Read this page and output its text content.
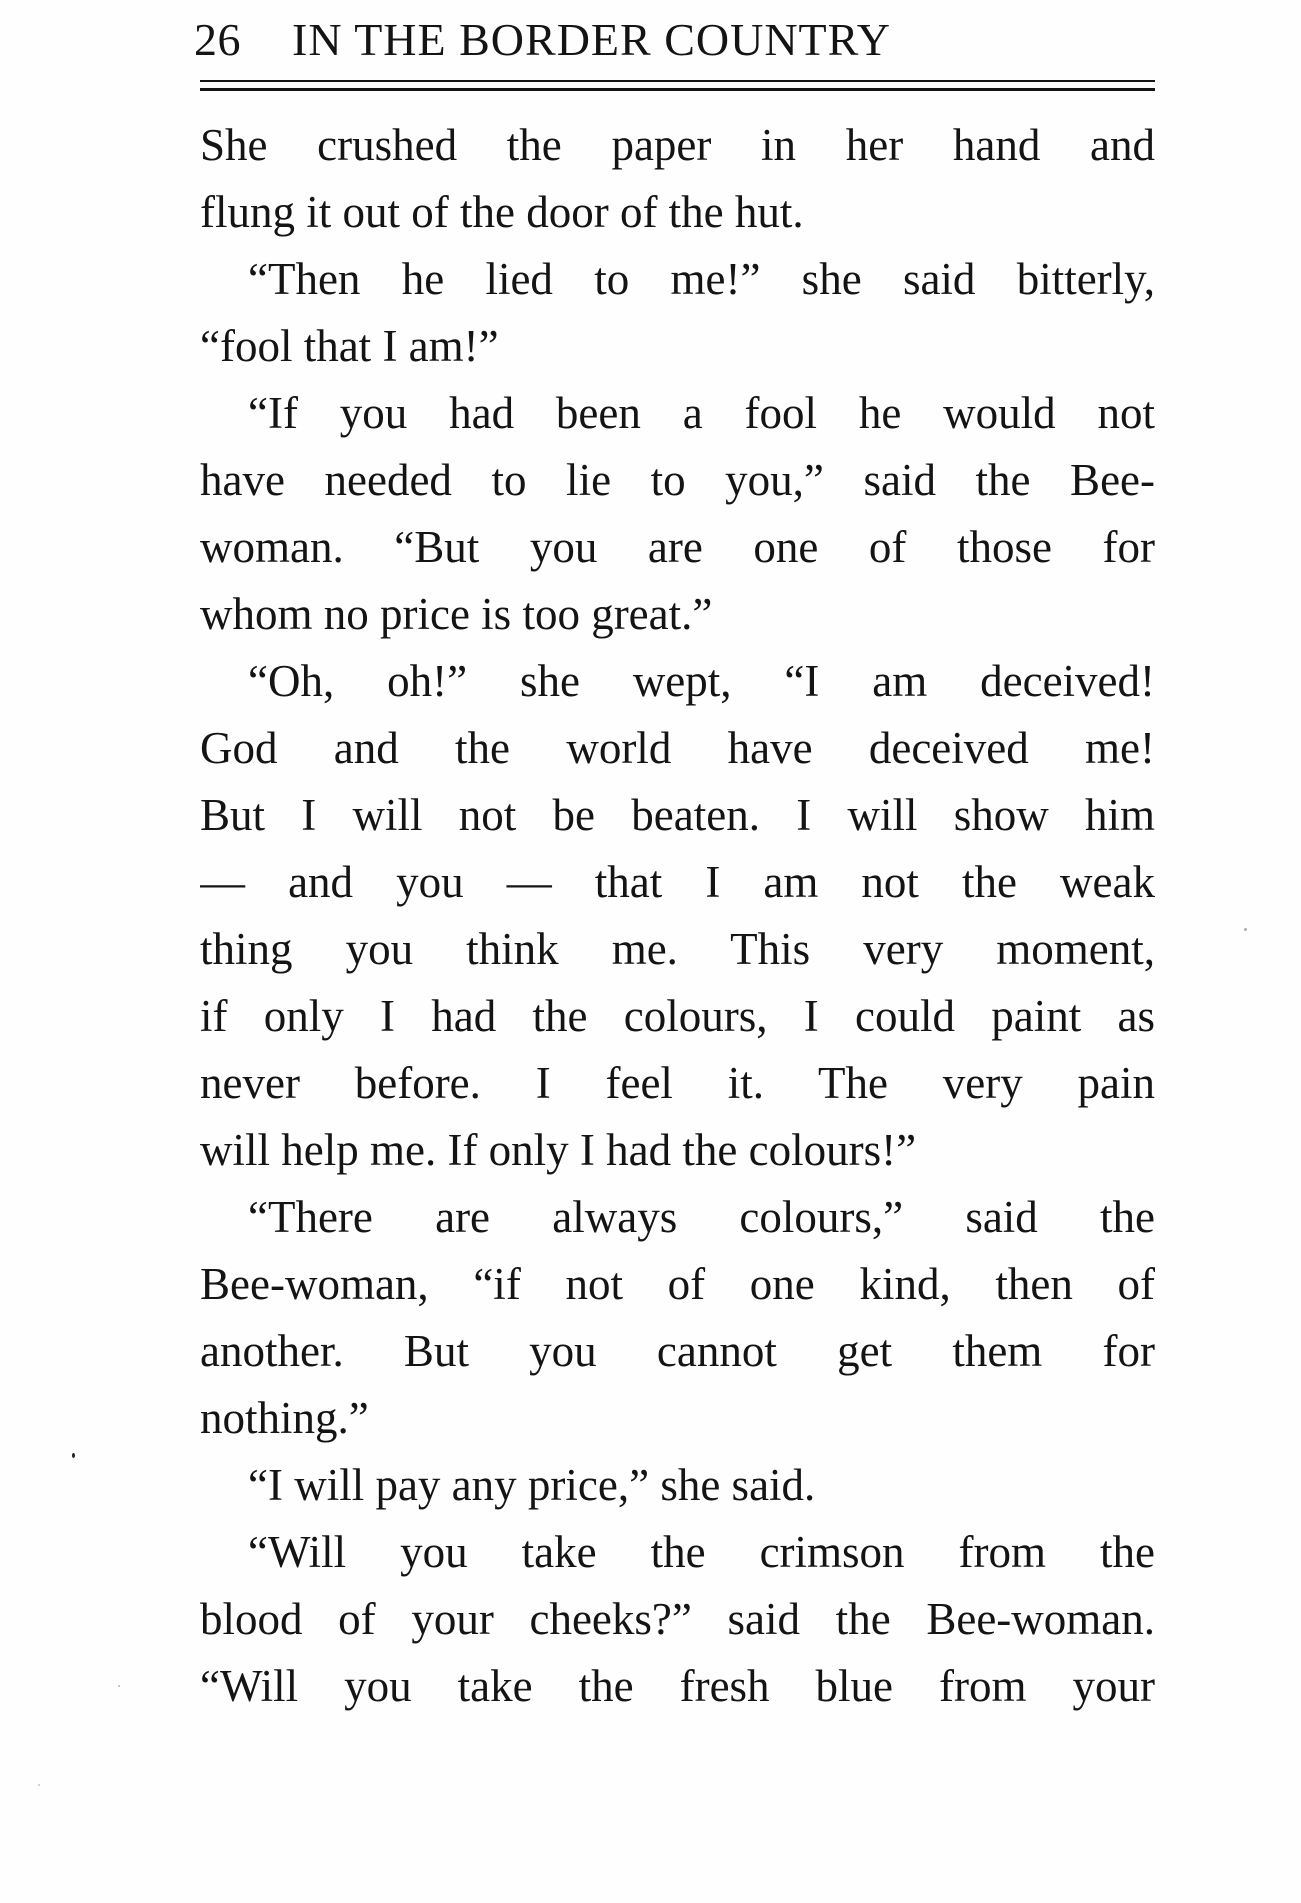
26 IN THE BORDER COUNTRY
She crushed the paper in her hand and
flung it out of the door of the hut.
“Then he lied to me!” she said bitterly,
“fool that I am!”
“If you had been a fool he would not
have needed to lie to you,” said the Bee-
woman. “But you are one of those for
whom no price is too great.”
“Oh, oh!” she wept, “I am deceived!
God and the world have deceived me!
But I will not be beaten. I will show him
— and you — that I am not the weak
thing you think me. This very moment,
if only I had the colours, I could paint as
never before. I feel it. The very pain
will help me. If only I had the colours!”
“There are always colours,” said the
Bee-woman, “if not of one kind, then of
another. But you cannot get them for
nothing.”
“I will pay any price,” she said.
“Will you take the crimson from the
blood of your cheeks?” said the Bee-woman.
“Will you take the fresh blue from your
